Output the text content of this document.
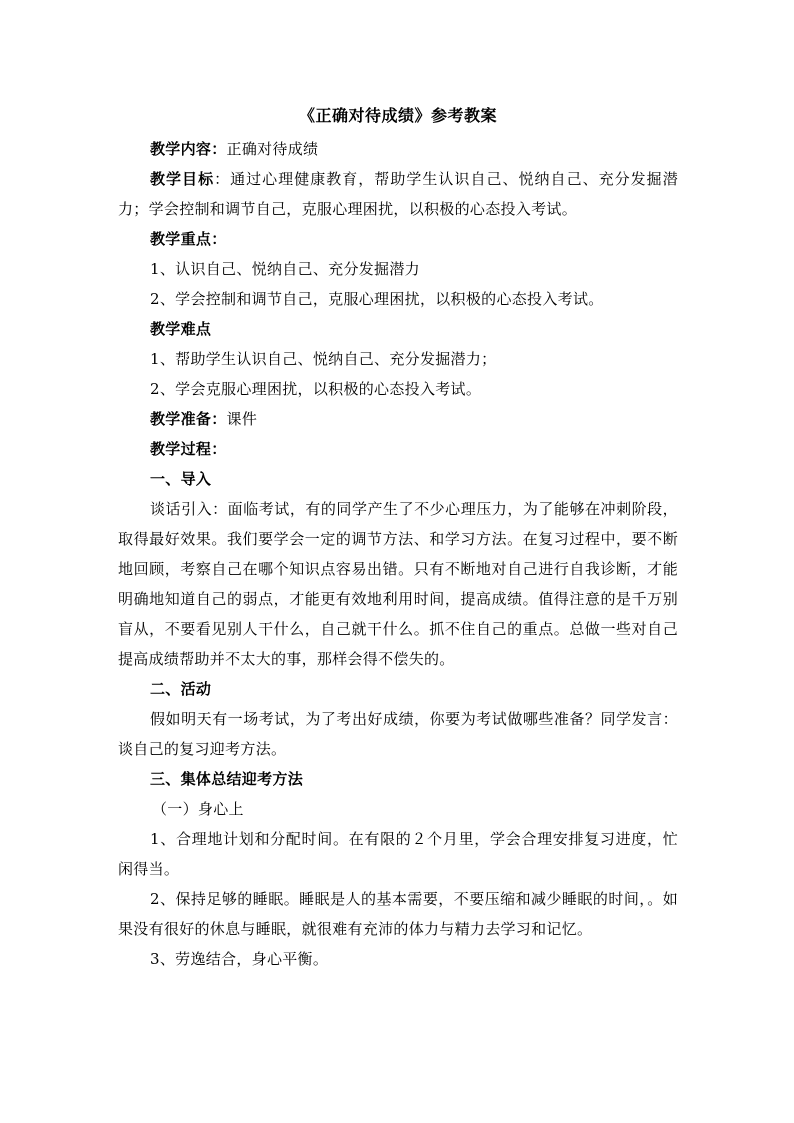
《正确对待成绩》参考教案

教学内容：正确对待成绩

教学目标：通过心理健康教育，帮助学生认识自己、悦纳自己、充分发掘潜力；学会控制和调节自己，克服心理困扰，以积极的心态投入考试。

教学重点：

1、认识自己、悦纳自己、充分发掘潜力

2、学会控制和调节自己，克服心理困扰，以积极的心态投入考试。

教学难点

1、帮助学生认识自己、悦纳自己、充分发掘潜力；

2、学会克服心理困扰，以积极的心态投入考试。

教学准备：课件

教学过程：

一、导入

谈话引入：面临考试，有的同学产生了不少心理压力，为了能够在冲刺阶段，取得最好效果。我们要学会一定的调节方法、和学习方法。在复习过程中，要不断地回顾，考察自己在哪个知识点容易出错。只有不断地对自己进行自我诊断，才能明确地知道自己的弱点，才能更有效地利用时间，提高成绩。值得注意的是千万别盲从，不要看见别人干什么，自己就干什么。抓不住自己的重点。总做一些对自己提高成绩帮助并不太大的事，那样会得不偿失的。

二、活动

假如明天有一场考试，为了考出好成绩，你要为考试做哪些准备？同学发言：谈自己的复习迎考方法。

三、集体总结迎考方法

（一）身心上

1、合理地计划和分配时间。在有限的２个月里，学会合理安排复习进度，忙闲得当。

2、保持足够的睡眠。睡眠是人的基本需要，不要压缩和减少睡眠的时间，。如果没有很好的休息与睡眠，就很难有充沛的体力与精力去学习和记忆。

3、劳逸结合，身心平衡。
